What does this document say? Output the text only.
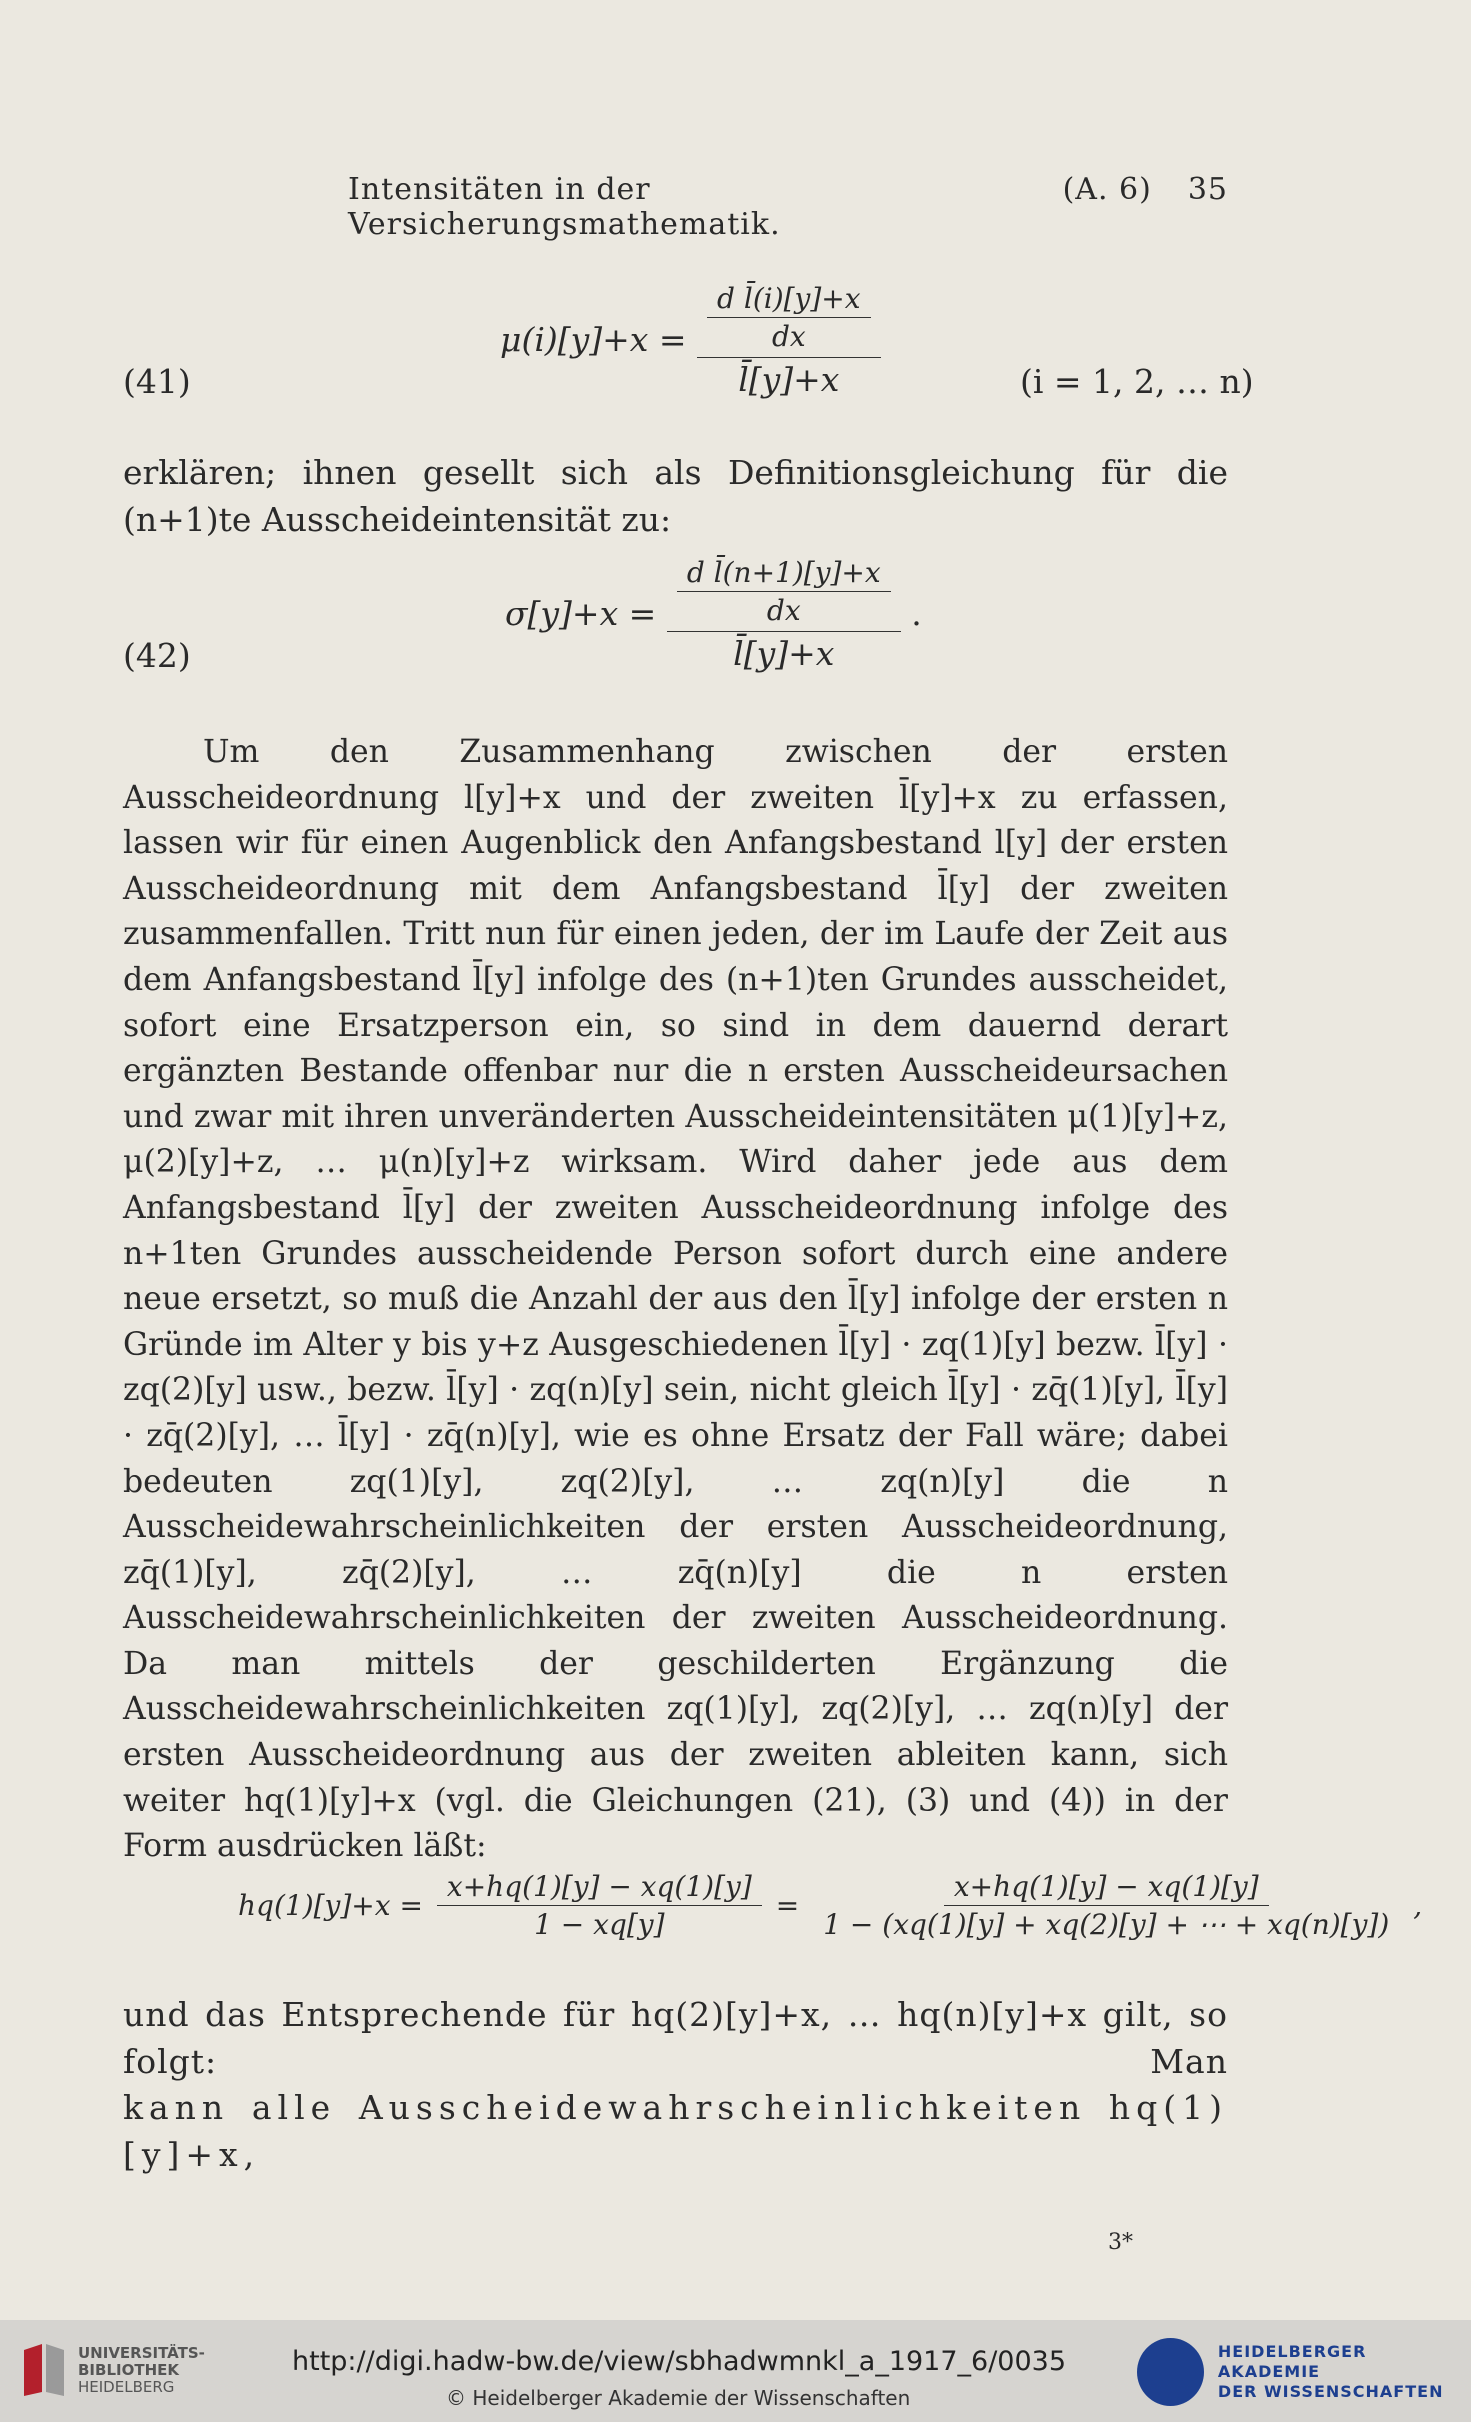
Intensitäten in der Versicherungsmathematik.
(A. 6) 35
(41)
$\mu(i)[y]+x = \frac{\frac{\text{d l̄(i)[y]+x}}{dx}}{l̄[y]+x}$	(i = 1, 2, … n)

erklären; ihnen gesellt sich als Definitionsgleichung für die (n+1)te Ausscheideintensität zu:

(42)
$\sigma[y]+x = \frac{\frac{\text{d l̄(n+1)[y]+x}}{dx}}{l̄[y]+x}$ .

Um den Zusammenhang zwischen der ersten Ausscheideordnung l[y]+x und der zweiten l̄[y]+x zu erfassen, lassen wir für einen Augenblick den Anfangsbestand l[y] der ersten Ausscheideordnung mit dem Anfangsbestand l̄[y] der zweiten zusammenfallen. Tritt nun für einen jeden, der im Laufe der Zeit aus dem Anfangsbestand l̄[y] infolge des (n+1)ten Grundes ausscheidet, sofort eine Ersatzperson ein, so sind in dem dauernd derart ergänzten Bestande offenbar nur die n ersten Ausscheideursachen und zwar mit ihren unveränderten Ausscheideintensitäten μ(1)[y]+z, μ(2)[y]+z, … μ(n)[y]+z wirksam. Wird daher jede aus dem Anfangsbestand l̄[y] der zweiten Ausscheideordnung infolge des n+1ten Grundes ausscheidende Person sofort durch eine andere neue ersetzt, so muß die Anzahl der aus den l̄[y] infolge der ersten n Gründe im Alter y bis y+z Ausgeschiedenen l̄[y] · zq(1)[y] bezw. l̄[y] · zq(2)[y] usw., bezw. l̄[y] · zq(n)[y] sein, nicht gleich l̄[y] · zq̄(1)[y], l̄[y] · zq̄(2)[y], … l̄[y] · zq̄(n)[y], wie es ohne Ersatz der Fall wäre; dabei bedeuten zq(1)[y], zq(2)[y], … zq(n)[y] die n Ausscheidewahrscheinlichkeiten der ersten Ausscheideordnung, zq̄(1)[y], zq̄(2)[y], … zq̄(n)[y] die n ersten Ausscheidewahrscheinlichkeiten der zweiten Ausscheideordnung. Da man mittels der geschilderten Ergänzung die Ausscheidewahrscheinlichkeiten zq(1)[y], zq(2)[y], … zq(n)[y] der ersten Ausscheideordnung aus der zweiten ableiten kann, sich weiter hq(1)[y]+x (vgl. die Gleichungen (21), (3) und (4)) in der Form ausdrücken läßt:

$hq(1)[y]+x = \frac{x+hq(1)[y] - xq(1)[y]}{1 - xq[y]} = \frac{x+hq(1)[y] - xq(1)[y]}{1 - (xq(1)[y] + xq(2)[y] + \cdots + xq(n)[y])}$ ,
und das Entsprechende für hq(2)[y]+x, … hq(n)[y]+x gilt, so folgt: Man
kann alle Ausscheidewahrscheinlichkeiten hq(1)[y]+x,
3*
UNIVERSITÄTS-
BIBLIOTHEK
HEIDELBERG
http://digi.hadw-bw.de/view/sbhadwmnkl_a_1917_6/0035
© Heidelberger Akademie der Wissenschaften
HEIDELBERGER AKADEMIE
DER WISSENSCHAFTEN
